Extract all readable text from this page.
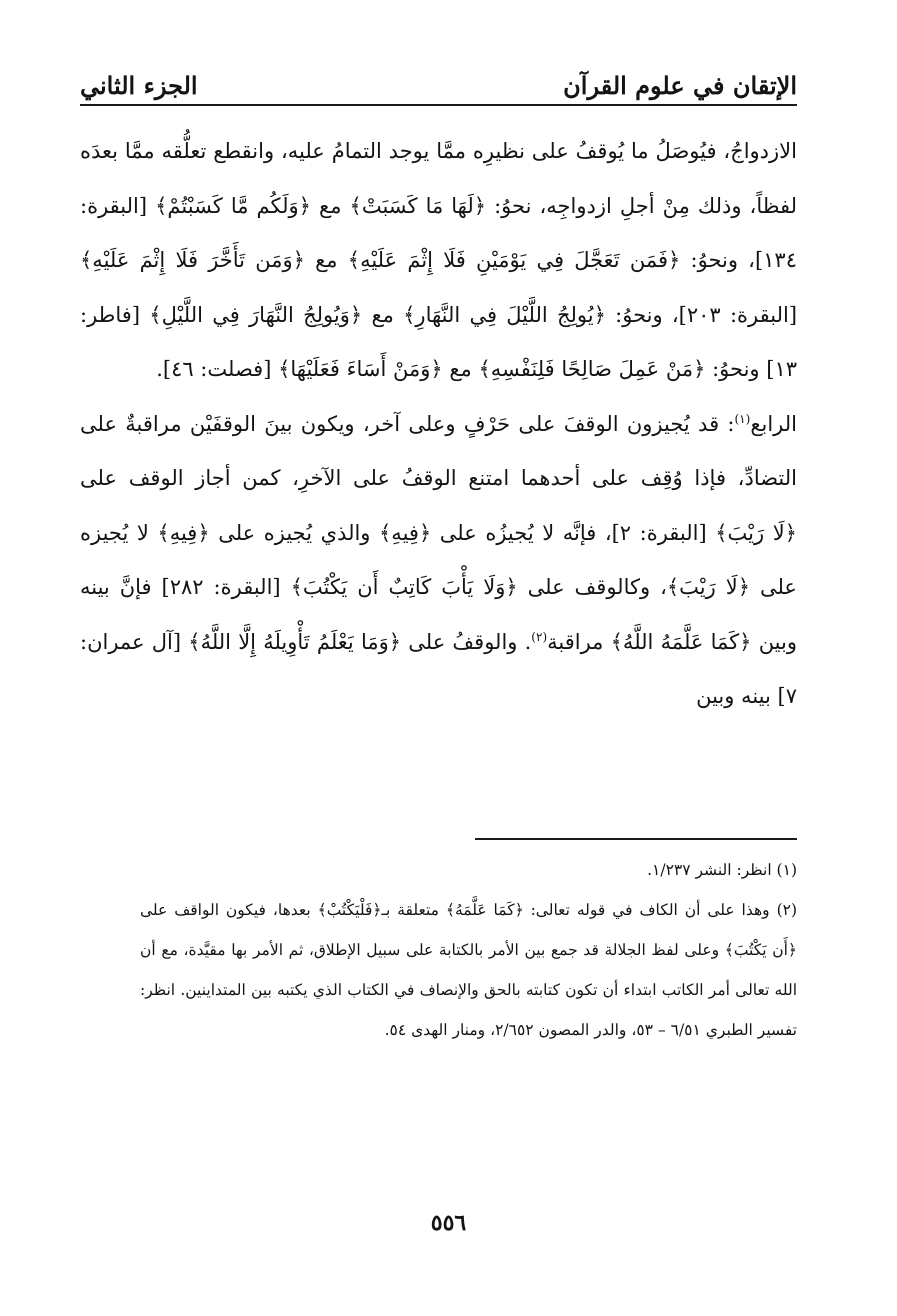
الإتقان في علوم القرآن
الجزء الثاني

الازدواجُ، فيُوصَلُ ما يُوقفُ على نظيرِه ممَّا يوجد التمامُ عليه، وانقطع تعلُّقه ممَّا بعدَه لفظاً، وذلك مِنْ أجلِ ازدواجِه، نحوُ: ﴿لَهَا مَا كَسَبَتْ﴾ مع ﴿وَلَكُم مَّا كَسَبْتُمْ﴾ [البقرة: ١٣٤]، ونحوُ: ﴿فَمَن تَعَجَّلَ فِي يَوْمَيْنِ فَلَا إِثْمَ عَلَيْهِ﴾ مع ﴿وَمَن تَأَخَّرَ فَلَا إِثْمَ عَلَيْهِ﴾ [البقرة: ٢٠٣]، ونحوُ: ﴿يُولِجُ اللَّيْلَ فِي النَّهَارِ﴾ مع ﴿وَيُولِجُ النَّهَارَ فِي اللَّيْلِ﴾ [فاطر: ١٣] ونحوُ: ﴿مَنْ عَمِلَ صَالِحًا فَلِنَفْسِهِ﴾ مع ﴿وَمَنْ أَسَاءَ فَعَلَيْهَا﴾ [فصلت: ٤٦].

الرابع$^{(١)}$: قد يُجيزون الوقفَ على حَرْفٍ وعلى آخر، ويكون بينَ الوقفَيْن مراقبةٌ على التضادِّ، فإذا وُقِف على أحدهما امتنع الوقفُ على الآخرِ، كمن أجاز الوقف على ﴿لَا رَيْبَ﴾ [البقرة: ٢]، فإنَّه لا يُجيزُه على ﴿فِيهِ﴾ والذي يُجيزه على ﴿فِيهِ﴾ لا يُجيزه على ﴿لَا رَيْبَ﴾، وكالوقف على ﴿وَلَا يَأْبَ كَاتِبٌ أَن يَكْتُبَ﴾ [البقرة: ٢٨٢] فإنَّ بينه وبين ﴿كَمَا عَلَّمَهُ اللَّهُ﴾ مراقبة$^{(٢)}$. والوقفُ على ﴿وَمَا يَعْلَمُ تَأْوِيلَهُ إِلَّا اللَّهُ﴾ [آل عمران: ٧] بينه وبين

(١) انظر: النشر ١/٢٣٧.

(٢) وهذا على أن الكاف في قوله تعالى: ﴿كَمَا عَلَّمَهُ﴾ متعلقة بـ﴿فَلْيَكْتُبْ﴾ بعدها، فيكون الواقف على ﴿أَن يَكْتُبَ﴾ وعلى لفظ الجلالة قد جمع بين الأمر بالكتابة على سبيل الإطلاق، ثم الأمر بها مقيَّدة، مع أن الله تعالى أمر الكاتب ابتداء أن تكون كتابته بالحق والإنصاف في الكتاب الذي يكتبه بين المتداينين. انظر: تفسير الطبري ٦/٥١ – ٥٣، والدر المصون ٢/٦٥٢، ومنار الهدى ٥٤.

٥٥٦
